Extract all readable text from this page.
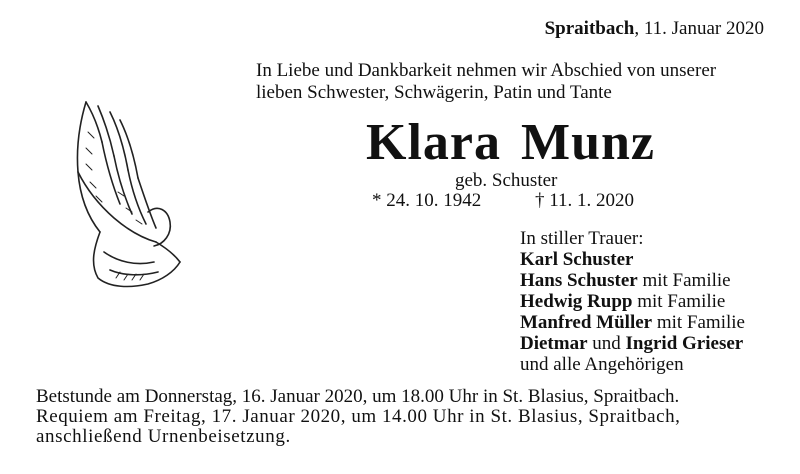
Spraitbach, 11. Januar 2020
In Liebe und Dankbarkeit nehmen wir Abschied von unserer
lieben Schwester, Schwägerin, Patin und Tante
Klara Munz
geb. Schuster
* 24. 10. 1942	† 11. 1. 2020
In stiller Trauer:
Karl Schuster
Hans Schuster mit Familie
Hedwig Rupp mit Familie
Manfred Müller mit Familie
Dietmar und Ingrid Grieser
und alle Angehörigen
Betstunde am Donnerstag, 16. Januar 2020, um 18.00 Uhr in St. Blasius, Spraitbach.
Requiem am Freitag, 17. Januar 2020, um 14.00 Uhr in St. Blasius, Spraitbach,
anschließend Urnenbeisetzung.
